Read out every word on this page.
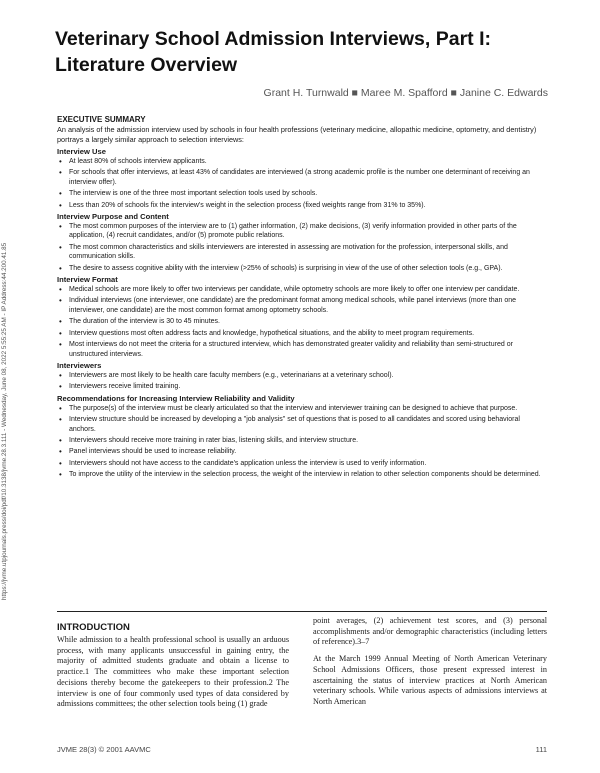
https://jvme.utpjournals.press/doi/pdf/10.3138/jvme.28.3.111 - Wednesday, June 08, 2022 5:55:25 AM - IP Address:44.200.41.85
Veterinary School Admission Interviews, Part I: Literature Overview
Grant H. Turnwald ■ Maree M. Spafford ■ Janine C. Edwards
EXECUTIVE SUMMARY

An analysis of the admission interview used by schools in four health professions (veterinary medicine, allopathic medicine, optometry, and dentistry) portrays a largely similar approach to selection interviews:

Interview Use
• At least 80% of schools interview applicants.
• For schools that offer interviews, at least 43% of candidates are interviewed (a strong academic profile is the number one determinant of receiving an interview offer).
• The interview is one of the three most important selection tools used by schools.
• Less than 20% of schools fix the interview's weight in the selection process (fixed weights range from 31% to 35%).
Interview Purpose and Content
• The most common purposes of the interview are to (1) gather information, (2) make decisions, (3) verify information provided in other parts of the application, (4) recruit candidates, and/or (5) promote public relations.
• The most common characteristics and skills interviewers are interested in assessing are motivation for the profession, interpersonal skills, and communication skills.
• The desire to assess cognitive ability with the interview (>25% of schools) is surprising in view of the use of other selection tools (e.g., GPA).
Interview Format
• Medical schools are more likely to offer two interviews per candidate, while optometry schools are more likely to offer one interview per candidate.
• Individual interviews (one interviewer, one candidate) are the predominant format among medical schools, while panel interviews (more than one interviewer, one candidate) are the most common format among optometry schools.
• The duration of the interview is 30 to 45 minutes.
• Interview questions most often address facts and knowledge, hypothetical situations, and the ability to meet program requirements.
• Most interviews do not meet the criteria for a structured interview, which has demonstrated greater validity and reliability than semi-structured or unstructured interviews.
Interviewers
• Interviewers are most likely to be health care faculty members (e.g., veterinarians at a veterinary school).
• Interviewers receive limited training.
Recommendations for Increasing Interview Reliability and Validity
• The purpose(s) of the interview must be clearly articulated so that the interview and interviewer training can be designed to achieve that purpose.
• Interview structure should be increased by developing a "job analysis" set of questions that is posed to all candidates and scored using behavioral anchors.
• Interviewers should receive more training in rater bias, listening skills, and interview structure.
• Panel interviews should be used to increase reliability.
• Interviewers should not have access to the candidate's application unless the interview is used to verify information.
• To improve the utility of the interview in the selection process, the weight of the interview in relation to other selection components should be determined.
INTRODUCTION

While admission to a health professional school is usually an arduous process, with many applicants unsuccessful in gaining entry, the majority of admitted students graduate and obtain a license to practice.1 The committees who make these important selection decisions thereby become the gatekeepers to their profession.2 The interview is one of four commonly used types of data considered by admissions committees; the other selection tools being (1) grade

point averages, (2) achievement test scores, and (3) personal accomplishments and/or demographic characteristics (including letters of reference).3–7

At the March 1999 Annual Meeting of North American Veterinary School Admissions Officers, those present expressed interest in ascertaining the status of interview practices at North American veterinary schools. While various aspects of admissions interviews at North American

JVME 28(3) © 2001 AAVMC	111
